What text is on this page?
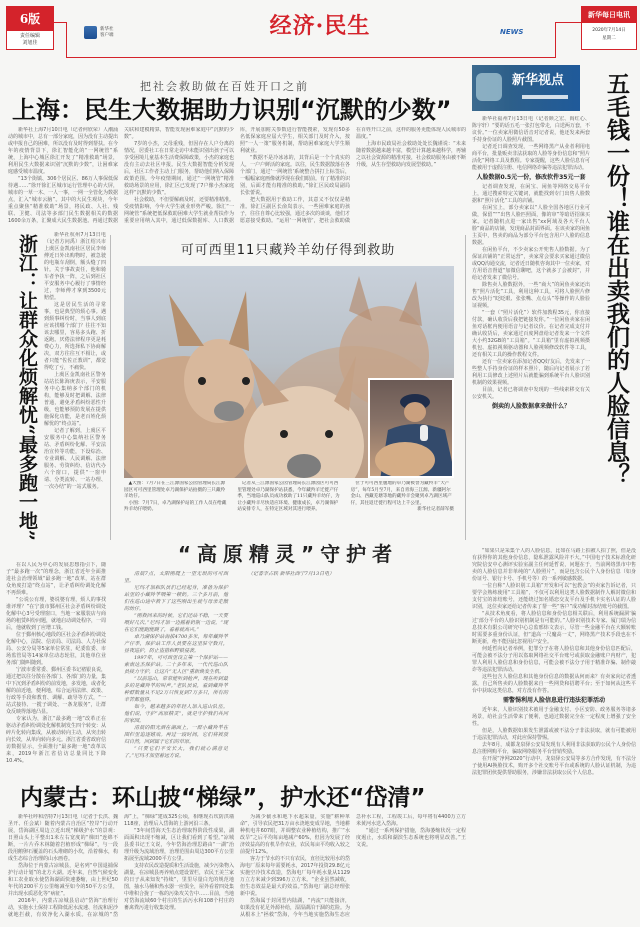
6版
责任编辑
刘旭佳
新华社
客户端	经济·民生	NEWS
新华每日电讯
2020年7月14日
星期二
把社会救助做在百姓开口之前
上海：民生大数据助力识别“沉默的少数”

新华社上海7月10日电（记者何欣荣）人潮涌动的城市中，总有一部分家庭，因为没有主动提出或申报自己的困难，所以没有及时得到帮扶。在今年的疫情背景下，徐汇智能化的“一网统管”系统，上海中心城区徐汇开发了“精准救助”场景，利用民生大数据来识别“沉默的少数”，让困难家庭感受城市温度。

“13个街镇、306个居民区、86万人事保低保待遇……”徐开徐汇区城市运行管理中心的大屏，城市的一草一木、一人一事，一网一全管化为数据点，汇入“城市云脑”。其中的大民生观块，今年重点聚焦“精准救助”场景，将民政、人社、残联、卫健、司法等多部门民生数据相关的数据1600余万条，汇聚成大民生数据池。再通过数据关联和建模精算，智能发现困难家庭中“沉默的少数”。

7岁的小杰，父母重残，但因存在人户分离的情况，居委社工在日常走访中未能识别出孩子可以享受困境儿童基本生活费保障政策，小杰的家庭也没有主动去社区申报。民生大数据智能分析发现后，社区工作者主动上门服务，帮助他们纳入保障政策范围。今年疫情期间，通过“一网统管”精准救助场景的应用，徐汇区已发现了7户像小杰家庭这样“沉默的少数”。

社会救助，不但要解痛及时，还要精准精准。受疫情影响，今年大学生就业形势严峻。徐汇“一网统管”系统把低保救助困难大学生就业帮扶作为重要应用纳入其中，通过低保数据库、人口数据库，开展加附关参数进行智能搜索，发现有50多名低保家庭应届大学生，相关部门及时介入，按照“一人一策”服务机制，帮助困难家庭大学生顺利就业。

“数据不是冷冰冰的，其背后是一个个真实的人，一户户鲜活的家庭。以往，民生数据散落在各个部门，通过‘一网统管’系统整合拼打上标签后，一幅幅家庭画像就浮现在我们眼前。有了精准的识别，后面才能有精准的救助。”徐汇区民政局副局长张蕾说。

把大数据用于救助工作，其意义不仅仅是精准。徐汇区副区长俞岚表示，一些困难家庭的孩子，往往自尊心比较强，通过多次的谈谈，他们才愿意接受救助。“运用‘一网统管’，把社会救助做在百姓开口之前，这样的服务更能体现人民城市的温度。”

上海市民政局社会救助处处长魏谨说：“未来随着数据越来越丰富，模型计算越来越科学，再辅之以社会资源的精准对接，社会救助服务由被不断升级，从生存型救助向发展型救助。”

浙江：让群众化烦解忧“最多跑一地”	新华社杭州7月13日电（记者方问禹）浙江绍兴市上虞区金凯南社区居民李师傅近日外出购物时，被急驶的电瓶车刮倒，额头缝了四针。关于事故责任，他和骑车者争执一阵，之后到社区平安服务中心履行了事情经过，李师傅才拿到3500元赔偿。

这是居民生活的寻常事，也是典型的烦心事。遇到烦事纠纷时，当事人到底应该找哪个部门？往往不知该去哪里，容易多头跑、折返跑。厌倦法律程序更是耗费心力，所选择私下协商解决，双方往往互不相让，或者只能“佐佐正教训”，都觉得吃了亏，不痛快。

上虞区金凯南社区警务站站长陈海庚表示，平安服务中心集纳多个部门的机构，能够及时把调解、法律普通，避免矛盾纠纷恶性升级，也能够预防发展在提供施保化功能，是老百姓化烦解忧的“终点站”。

记者了解到，上虞区平安服务中心集纳社区警务站、矛盾纠纷化解、平安法治宣传等功能，下设综治、专业调解、人民调解、法律服务、劳资纠纷、信访代办六个窗口，提供“一窗申请、分类流转、一站办理、一次办结”的一站式服务。

在以人民为中心的发展思想指引下，随子“最多跑一次”的理念，浙江省近年全面推进社会治理领域“最多跑一地”改革，站在群众角度打造“终点站”，让矛盾纠纷调处化解不再烦难。

“公说公有理，婆说婆有理，烦人的事找谁评理？”在宁波市鄞州区社会矛盾纠纷调处化解中心3号受理窗口，当地一家服装店与商场的租赁纠纷问题，就地启动调处程序，一周后，他就收到了应增工钱。

位于鄞州核心地段的区社会矛盾纠纷调处化解中心，法院、信访局、司法局、人力社保局、公安分局等5家单位常驻，纪委监委、市场监管局等14家单位动态轮驻，其他单位业务部门随叫随到。

宁波市委常委、鄞州区委书记褚银良说，通过把以往分散在各部门、各部门的力量，集中下沉到矛盾纠纷的前发地，多发地，或者化解的前近地，便利地，综合运用法律、政策、行政等手段和教育、调解、疏导等方式，“一站式接待、一揽子调处、一条龙服务”，让群众反映得落地凸显。

专家认为，浙江“最多跑一地”改革正在驱动矛盾纠纷调处化解机制发生四个转变：从碎片化转向集成，从被动转向主动，从突击转向长效，从单向转向多元。浙江省委省政府信访数据显示，全面推行“最多跑一地”改革以来，2019年浙江省信访总量同比下降10.4%。

可可西里11只藏羚羊幼仔得到救助

▲大图：7月7日在三江源国家公园管理局长江源园区可可西里管理处卓乃湖保护站拍摄的三只藏羚羊幼仔。

小图：7月7日，卓乃湖保护站的工作人员在给藏羚羊幼仔喂奶。

记者从三江源国家公园管理局长江源园区可可西里管理处卓乃湖保护站获悉，今年藏羚羊迁徙产仔季，当地巡山队员成功救助了11只藏羚羊幼仔，为让小藏羚羊尽快适应环境、健康成长，卓乃湖保护站安排专人，在特定区域对其进行喂养。

位于可可西里腹地的卓乃湖被誉为藏羚羊“大产房”，每年5月至7月，来自青海三江源、新疆阿尔金山、西藏羌塘等地的藏羚羊会聚到卓乃湖区域产仔，其往返迁徙行程可达上千公里。

新华社记者薛军摄

“高原精灵”守护者

清晨7点，太阳刚爬上一望无垠的可可西里。

尼玛才加和队员们已经起身，准备为保护站里的小藏羚羊喂第一顿奶。三个多月前，他们在巡山途中救下了这些刚出生就与母亲走散的幼仔。

“刚救回来的时候，它们还站不稳，一天要喂好几次。”尼玛才加一边摇着奶瓶一边说，“现在它们能跑能跳了，看着就高兴。”

卓乃湖保护站海拔4700多米，每年藏羚羊产仔季，保护站工作人员要在这里驻守数月，昼夜巡护，防止盗猎和野狼侵袭。

1997年，可可西里设立第一个保护站——索南达杰保护站。二十多年来，一代代巡山队员接力守护，让这片“无人区”重新焕发生机。

“以前巡山，常常能听到枪声，现在听到最多的是藏羚羊的叫声。”老队员说，看到藏羚羊种群数量从不足2万只恢复到7万多只，所有的辛苦都值得。

如今，越来越多的年轻人加入巡山队伍。他们说，守护“高原精灵”，就是守护我们共同的家园。

清晨的阳光洒在湖面上，一群小藏羚羊在围栏里追逐嬉戏。再过一段时间，它们将被放归自然，回到属于它们的草原。

“只要它们平安长大，我们就心满意足了。”尼玛才加望着远方说。

（记者李占轶 新华社西宁7月13日电）

内蒙古：环山披“梯绿”，护水还“岱清”

新华社呼和浩特7月13日电（记者于长洪、魏圣开、任会斌）随着内蒙古自治区“控岸”行动开展，岱海湖区周边立近出现“梯级护水”的景观：日照山头上平整出1米左右宽度的“梯田”连绵不断，一片片乔木林随着岩植形成“梯绿”，与一段段用鹅卵石覆盖的石头堆砌的小坎，沿着梯水，构成生态综合治理的山水画卷。

岱海位于内蒙古凉城县，是名列“中国退捕保护行动计划”的北方大湖。近年来，自然气候变化和工农业取水使岱海湖面快速萎缩，由上世纪50年代的200平方公里缩减至如今的50平方公里，并出现水质恶化等“病征”。

2016年，内蒙古凉城县启动“岱海”治理行动，实施水土保持工程降低泥水流速、径流和泥沙就地拦截，有效净化入湖水质。在凉城的“岱海”上，“梯绿”建成325公顷，相继现石坎防洪墙118座，治理后入岱海的上游河沿三条。

“3年间岱海天生态治理取得阶段性成果，湖面面积出现不缩减，区让我们看到了希望。”凉城县委书记王文说，今年岱海治理思路由“一湖”治理升级为流域治理，治理范围由周边300平方公里拓展至流域2000平方公里。

支持农民改造提质和生活设施，减少污染物入湖量，在凉城县再养殖点建设置栏，农民王美兰家的日子从来知发“持续”，里里尽量白光的规范地图，抽水马桶和热水器一应俱全，屋外看着四处集中堆积合拢了一栋的污染攻关告中……目前，当地对岱海流域60个村庄的生活污水和108个村庄的畜禽粪污进行收集处理。

为减少截水和地下水超采量，实施“耕种革命”，引导农民把31万亩水浇地变成旱地，当地耕种机电井607眼，并调整农业种植结构，推广“水改旱”之后平均每亩地减产60%，但因为发展了经济效益高的有机旱作农业，农民每亩平均收入较之前提升12%。

客力于节水的不只有农民，直径比较用水的岱海电厂原来每年需要耗水，2017年投资29.8亿元实施空冷技术改造，岱海电厂每年耗水量从1129万立方米减少到396万立方米。“企业虽然减收，但生态效益是最大的效益。”岱海电厂副总经理张新中说。

岱海属于封闭型内陆湖，“内流”只能接济，如果没有花足外源补给，湿湿湖泊干涸的危险。为从根本上“拯救”岱海，今年当地实施岱海生态应急补水工程，工程竣工后，每年将有4400万立方米黄河水送入岱海。

“通过一系列保护措施，岱海萎缩状况一定程度遏止，水质和湖滨生态系统也将明显改善。”王文说。

新华视点 五毛钱一份！谁在出卖我们的人脸信息？

新华社福州7月13日电（记者颜之宏、阎红心、陈宇轩）“要的话五毛一张打包带走，白送两万套，不议价。”一位卖家用微信语音对记者说，他还发来两套手持身份证的人脸照片截图。

记者近日调查发现，一些网络黑产从业者利用电商平台，批量贩卖非法获取的人脸等身份信息和“照片活化”网络工具及教程。专家提醒，这些人脸信息有可能被用于虚假注册、电信网络诈骗等违法犯罪活动。

人脸数据0.5元一份，修改软件35元一套

记者调查发现，在闲宝、闲鱼等网络交易平台上，通过搜索特定关键词，就能找到专门出售人脸数据和“照片活化”工具的店铺。

在闲宝上，部分卖家以“人脸全国各地区行业可做，保留”“”出售人脸匹照面，像的审”等暗语招徕买家。记者随机点进一家出售“xx阿域及各大平台人脸”商品的店铺，发现商品封面界面。在该卖家的闲鱼主页中，售卖的商品为部分平台包含用户人脸的信息数据。

在闲鱼平台，不少卖家公开兜售人脸数据。为了保证店铺的“正常运营”，卖家常会要求买家通过微信或QQ沟通交流，记者近日随机咨询其中一位卖家，对方用语音督道“加微信聊吧，这个就多了会被封”，并给记者发来了微信号。

除售卖人脸数据外，一些“商大”的闲鱼卖家还出售“照片活化”工具，利用这种工具，可将人脸照片修改为执行“眨眨眼、张张嘴、点点头”等操作的人脸验证视频。

“一套（“照片活化”）软件加教程35元，你直接付款，确认收货后我把链接发你。”一位闲鱼卖家在闲鱼对话框内便用语音与记者议价。在记者完成支付并确认收货后，卖家通过百度网盘给记者发来一个文件大小约32GB的“工具箱”。“工具箱”里有虚拟视频摄机包、虚拟视频驱动器和人脸视频修改软件等工具，还有相关工具的操作教程文件。

还有一位卖家在添加记者QQ好友后，先发来了一些整人手持身份证的样本照片，随后向记者展示了若利用工具修改上述照片后就能骗到系统平台人脸识别机制的效果视频。

目前，记者已将调查中发现的一些线索移交有关公安机关。

倒卖的人脸数据拿来做什么？

“如果只是采集个人的人脸信息，比如在马路上拍被人拍了照，但是没有获得你的其他身份信息，隐私泄露风险并不大。”中国电子技术标准化研究院信安中心测评实验室副主任何延哲说，问题在于，当前网络黑市中售卖的人脸信息并非单纯的“人脸照片”，而是包含公民个人身份信息（如身份证号、银行卡号、手机号等）的一系列敏感数据。

一位自称“人脸识别工具箱”开发和可以“包教会”的卖家告诉记者，只要学会熟练使用“工具箱”，不仅可以利用这类人脸数据制作人解封微信和支付宝的冻结账号，还能绕过知名婚恋交友平台及手机卡实名认证的人脸识别，这位卖家还给记者传来了帮一些“客户”成功解封冻结账号的截图。

“从技术角度看，将人脸信息和身份信息相关联后，利用系统漏洞‘骗过’部分平台的人脸识别机制是有可能的。”人脸识别技术专家、厦门瑞为信息技术有限公司研究中心总监邢炜文表示，尽管一些金融平台在大额转账时需要多重身份认证，但“道高一尺魔高一丈”，网络黑产技术手段也在不断更新，绝不能因此忽视用户安全。

何延哲向记者举例，犯罪分子在将人脸信息和其他身份信息匹配后，可能会被不法分子用以盗取网络社交平台账号或获取金融账户内财产，犯罪人利用人脸信息和身份信息，可能会被不法分子用于精准诈骗、制作敲诈等违法犯罪活动。

这些包含人脸信息和其他身份信息的数据从何而来？有卖家向记者透露，自己所售卖的人脸数据来自一些网贷和招聘平台；至于如何从这些平台中获取这类信息，对方没有作答。

需警惕利用人脸信息进行违法犯罪活动

近年来，人脸识别技术被用于金融支付、小区安防、政务服务等诸多场景，给社会生活带来了便利，也通过数据完全在一定程度上增强了安全性。

但是，人脸数据如果发生泄露或被不法分子非法获取，就有可能被用于违法犯罪活动，对此应保持警惕。

去年8月，成都龙泉驿公安局发现有人利用非法获取的公民个人身份信息注册网购平台，骗取网络服务平台营销奖励。

在开展“净网2020”行动中，龙泉驿公安局等多方合作发现，有不法分子使用AI换脸技术，购开多个社交账号平台或系统的人脸认证机制，为违法犯罪团伙提供帮助服务，涉嫌非法获取公民个人信息。
